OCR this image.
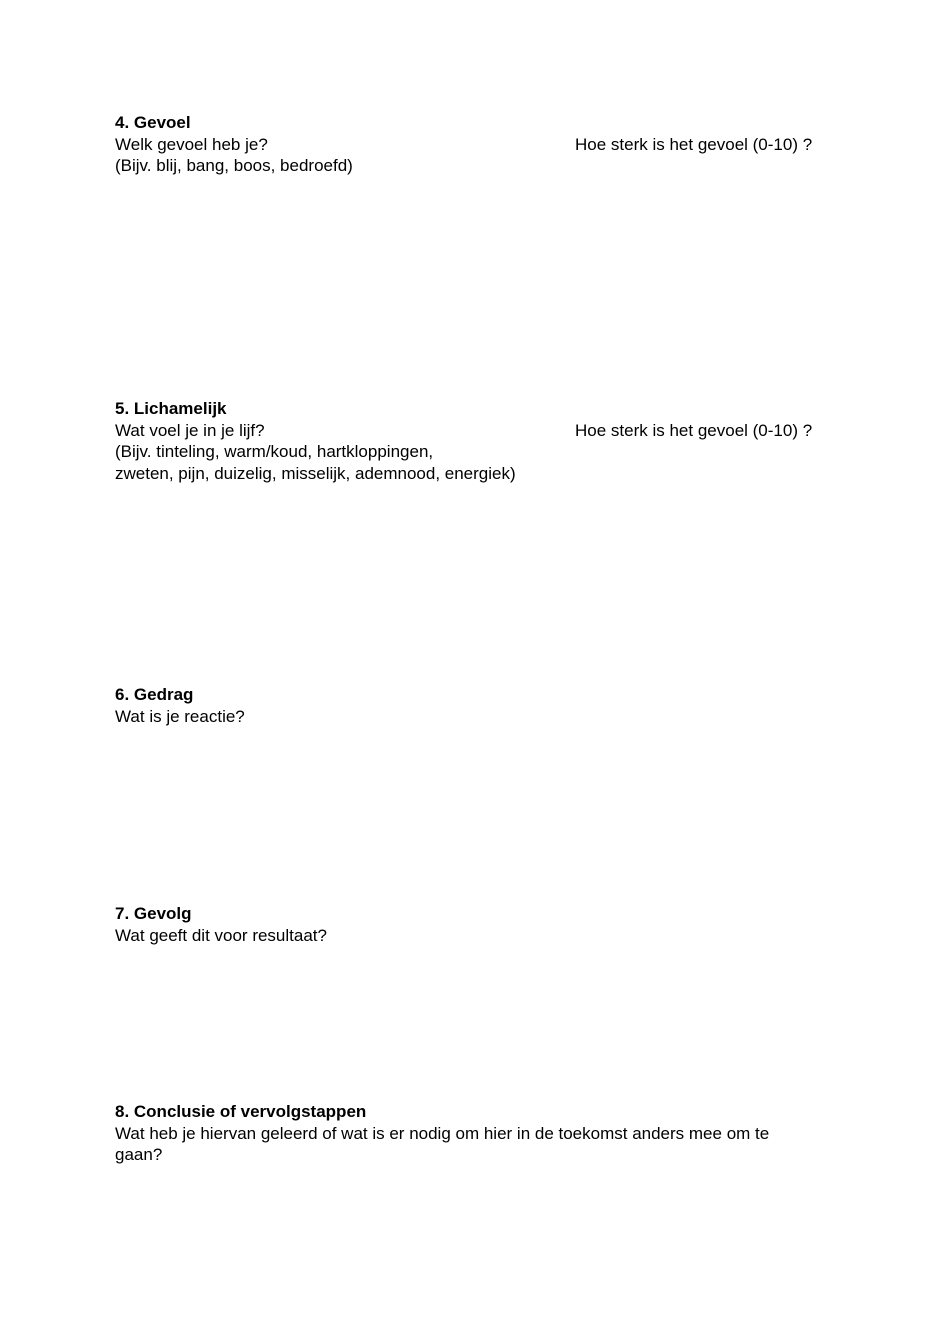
4. Gevoel
Welk gevoel heb je?
(Bijv. blij, bang, boos, bedroefd)
Hoe sterk is het gevoel (0-10) ?
5. Lichamelijk
Wat voel je in je lijf?
(Bijv. tinteling, warm/koud, hartkloppingen,
zweten, pijn, duizelig, misselijk, ademnood, energiek)
Hoe sterk is het gevoel (0-10) ?
6. Gedrag
Wat is je reactie?
7. Gevolg
Wat geeft dit voor resultaat?
8. Conclusie of vervolgstappen
Wat heb je hiervan geleerd of wat is er nodig om hier in de toekomst anders mee om te
gaan?
